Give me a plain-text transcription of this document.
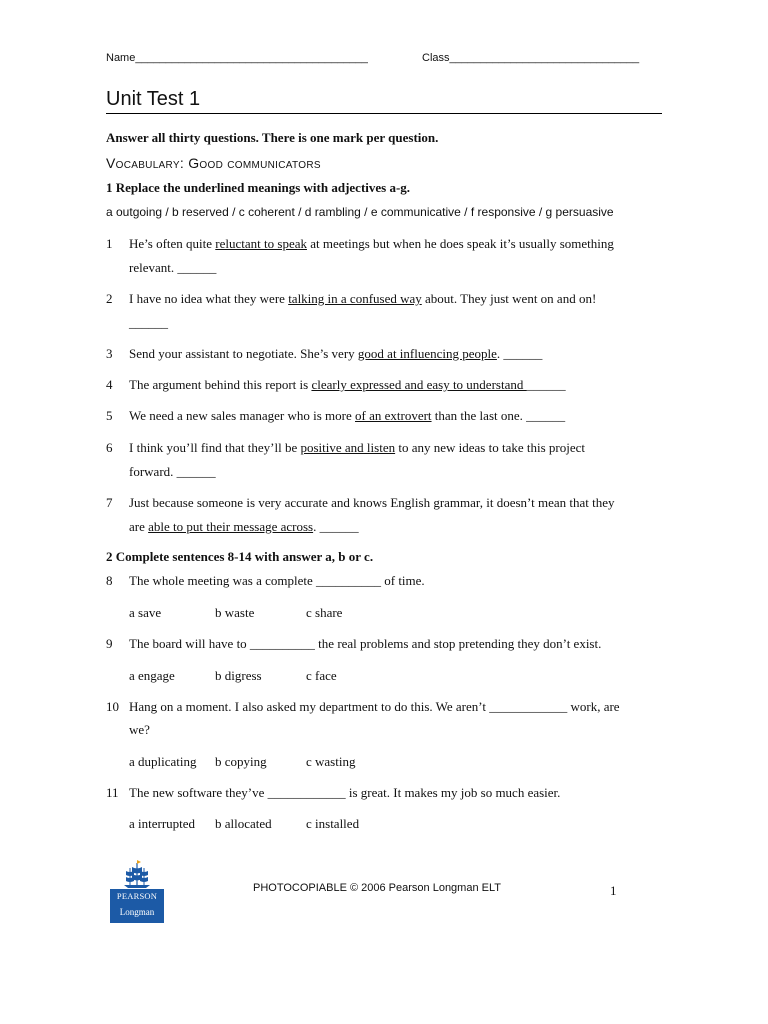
Name______________________________________	Class_______________________________
Unit Test 1
Answer all thirty questions. There is one mark per question.
Vocabulary: Good communicators
1 Replace the underlined meanings with adjectives a-g.
a outgoing / b reserved / c coherent / d rambling / e communicative / f responsive / g persuasive
1 He’s often quite reluctant to speak at meetings but when he does speak it’s usually something
relevant. ______
2 I have no idea what they were talking in a confused way about. They just went on and on!
______
3 Send your assistant to negotiate. She’s very good at influencing people. ______
4 The argument behind this report is clearly expressed and easy to understand ______
5 We need a new sales manager who is more of an extrovert than the last one. ______
6 I think you’ll find that they’ll be positive and listen to any new ideas to take this project
forward. ______
7 Just because someone is very accurate and knows English grammar, it doesn’t mean that they
are able to put their message across. ______
2 Complete sentences 8-14 with answer a, b or c.
8 The whole meeting was a complete __________ of time.
a save	b waste	c share
9 The board will have to __________ the real problems and stop pretending they don’t exist.
a engage	b digress	c face
10 Hang on a moment. I also asked my department to do this. We aren’t ____________ work, are
we?
a duplicating b copying	c wasting
11 The new software they’ve ____________ is great. It makes my job so much easier.
a interrupted b allocated	c installed
PEARSON
Longman
PHOTOCOPIABLE © 2006 Pearson Longman ELT	1
